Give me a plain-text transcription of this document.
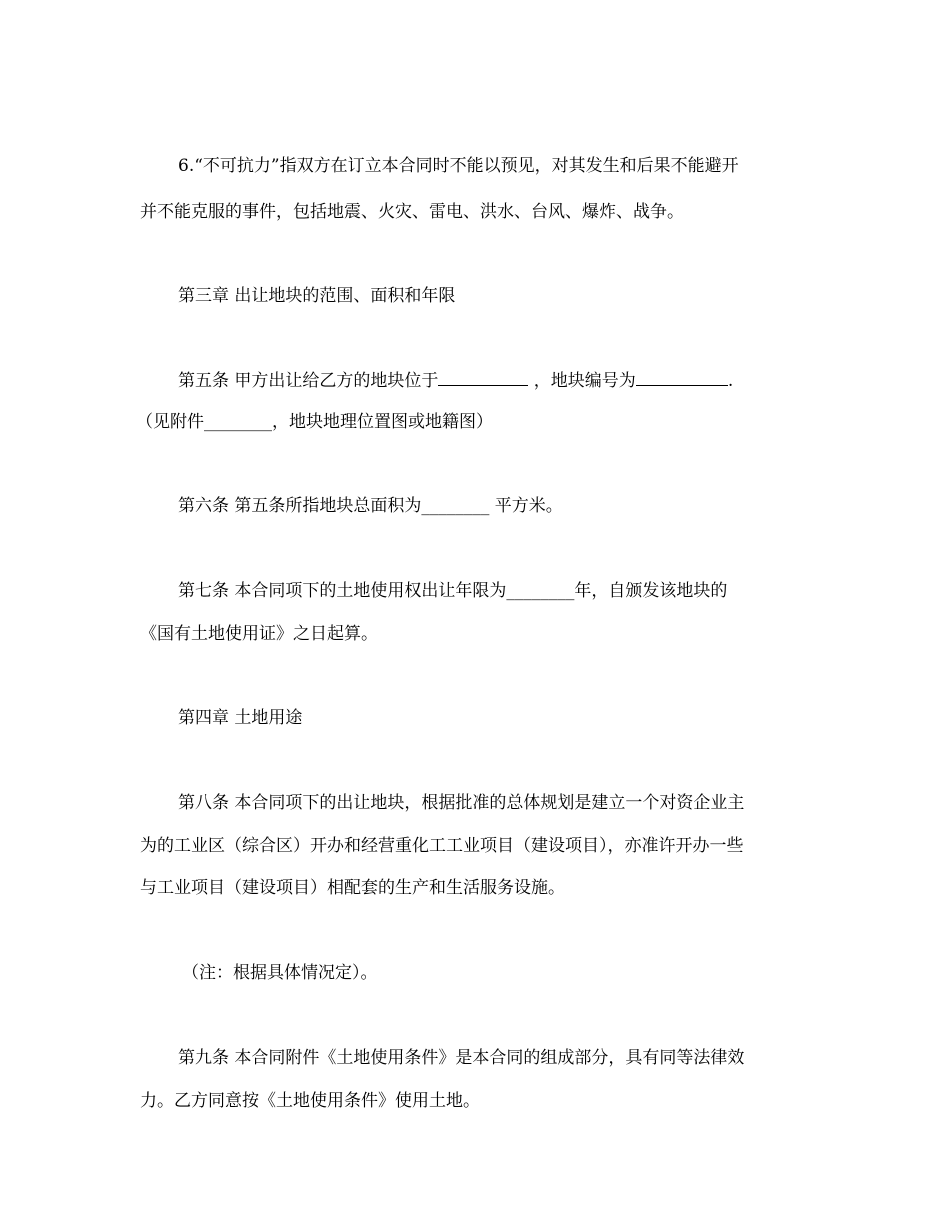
6.“不可抗力”指双方在订立本合同时不能以预见，对其发生和后果不能避开
并不能克服的事件，包括地震、火灾、雷电、洪水、台风、爆炸、战争。
第三章 出让地块的范围、面积和年限
第五条 甲方出让给乙方的地块位于	，地块编号为	.
（见附件________，地块地理位置图或地籍图）
第六条 第五条所指地块总面积为________ 平方米。
第七条 本合同项下的土地使用权出让年限为________年，自颁发该地块的
《国有土地使用证》之日起算。
第四章 土地用途
第八条 本合同项下的出让地块，根据批准的总体规划是建立一个对资企业主
为的工业区（综合区）开办和经营重化工工业项目（建设项目），亦准许开办一些
与工业项目（建设项目）相配套的生产和生活服务设施。
（注：根据具体情况定）。
第九条 本合同附件《土地使用条件》是本合同的组成部分，具有同等法律效
力。乙方同意按《土地使用条件》使用土地。
